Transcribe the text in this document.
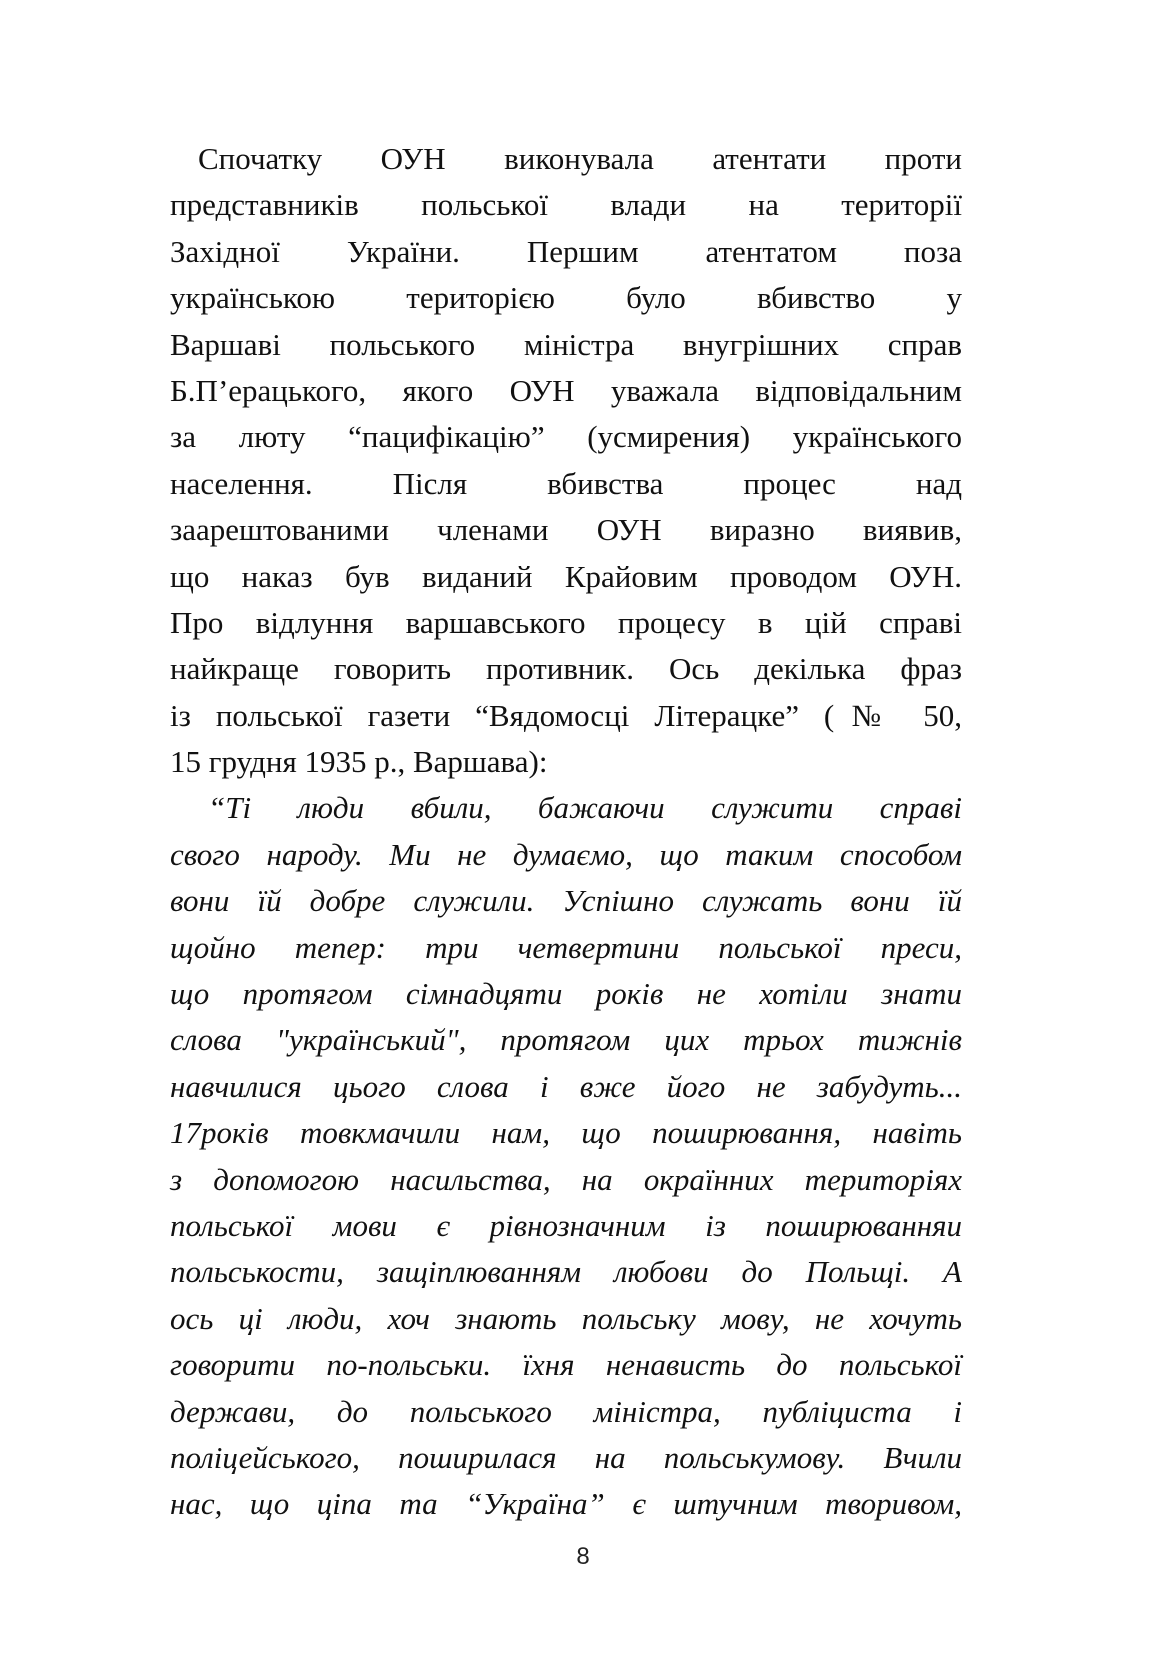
Спочатку ОУН виконувала атентати проти
представників польської влади на території
Західної України. Першим атентатом поза
українською територією було вбивство у
Варшаві польського міністра внугрішних справ
Б.П’ерацького, якого ОУН уважала відповідальним
за люту “пацифікацію” (усмирения) українського
населення. Після вбивства процес над
заарештованими членами ОУН виразно виявив,
що наказ був виданий Крайовим проводом ОУН.
Про відлуння варшавського процесу в цій справі
найкраще говорить противник. Ось декілька фраз
із польської газети “Вядомосці Літерацке” (№ 50,
15 грудня 1935 р., Варшава):
“Ті люди вбили, бажаючи служити справі
свого народу. Ми не думаємо, що таким способом
вони їй добре служили. Успішно служать вони їй
щойно тепер: три четвертини польської преси,
що протягом сімнадцяти років не хотіли знати
слова "український", протягом цих трьох тижнів
навчилися цього слова і вже його не забудуть...
17років товкмачили нам, що поширювання, навіть
з допомогою насильства, на окраїнних територіях
польської мови є рівнозначним із поширюванняи
польськости, защіплюванням любови до Польщі. А
ось ці люди, хоч знають польську мову, не хочуть
говорити по-польськи. їхня ненависть до польської
держави, до польського міністра, публіциста і
поліцейського, поширилася на польськумову. Вчили
нас, що ціпа та “Україна” є штучним творивом,
8
